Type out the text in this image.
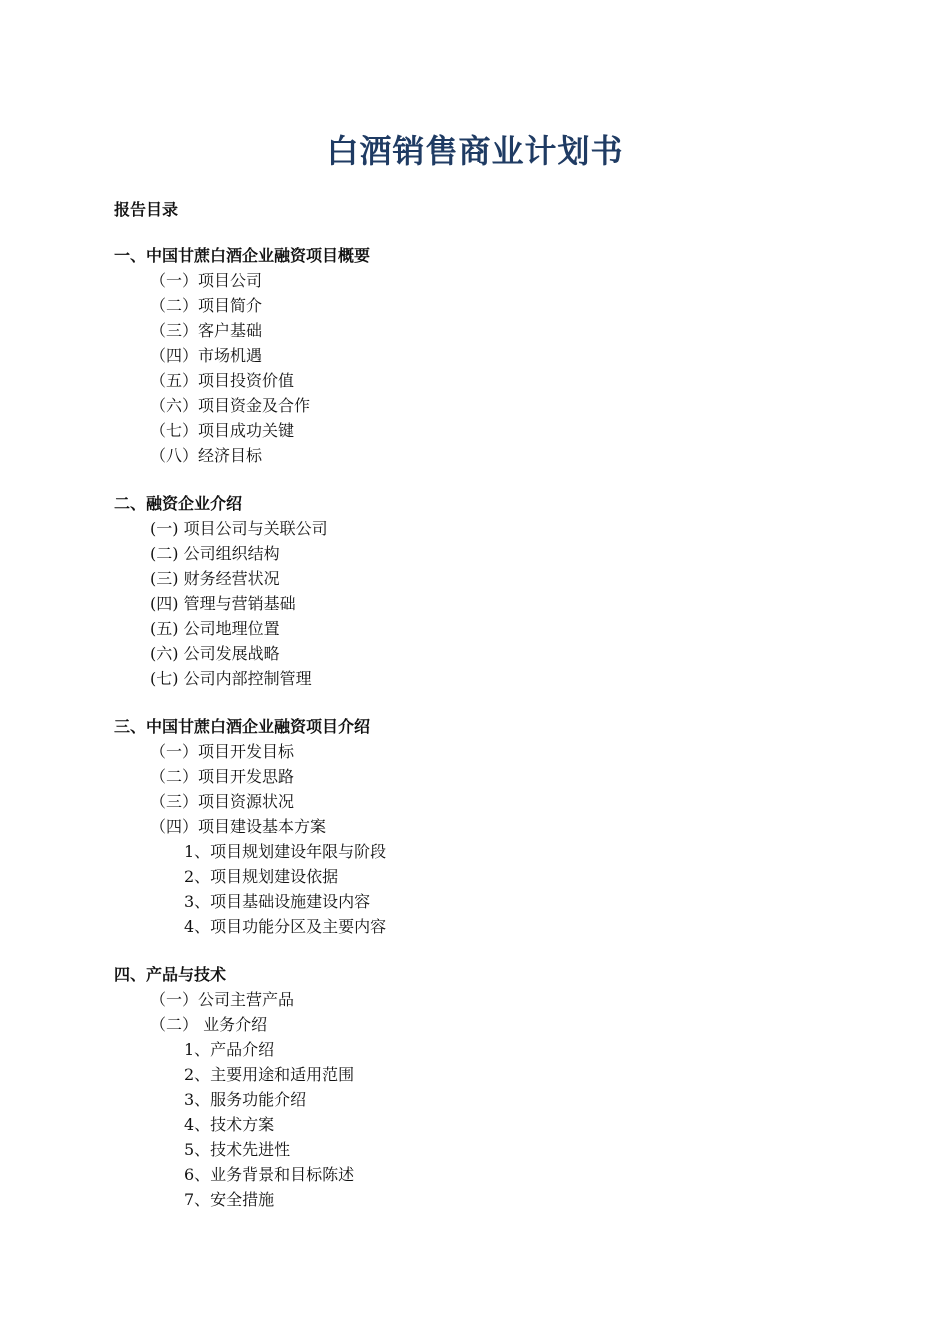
白酒销售商业计划书

报告目录

一、中国甘蔗白酒企业融资项目概要

（一）项目公司

（二）项目简介

（三）客户基础

（四）市场机遇

（五）项目投资价值

（六）项目资金及合作

（七）项目成功关键

（八）经济目标

二、融资企业介绍

(一) 项目公司与关联公司

(二) 公司组织结构

(三) 财务经营状况

(四) 管理与营销基础

(五) 公司地理位置

(六) 公司发展战略

(七) 公司内部控制管理

三、中国甘蔗白酒企业融资项目介绍

（一）项目开发目标

（二）项目开发思路

（三）项目资源状况

（四）项目建设基本方案

1、项目规划建设年限与阶段

2、项目规划建设依据

3、项目基础设施建设内容

4、项目功能分区及主要内容

四、产品与技术

（一）公司主营产品

（二） 业务介绍

1、产品介绍

2、主要用途和适用范围

3、服务功能介绍

4、技术方案

5、技术先进性

6、业务背景和目标陈述

7、安全措施
